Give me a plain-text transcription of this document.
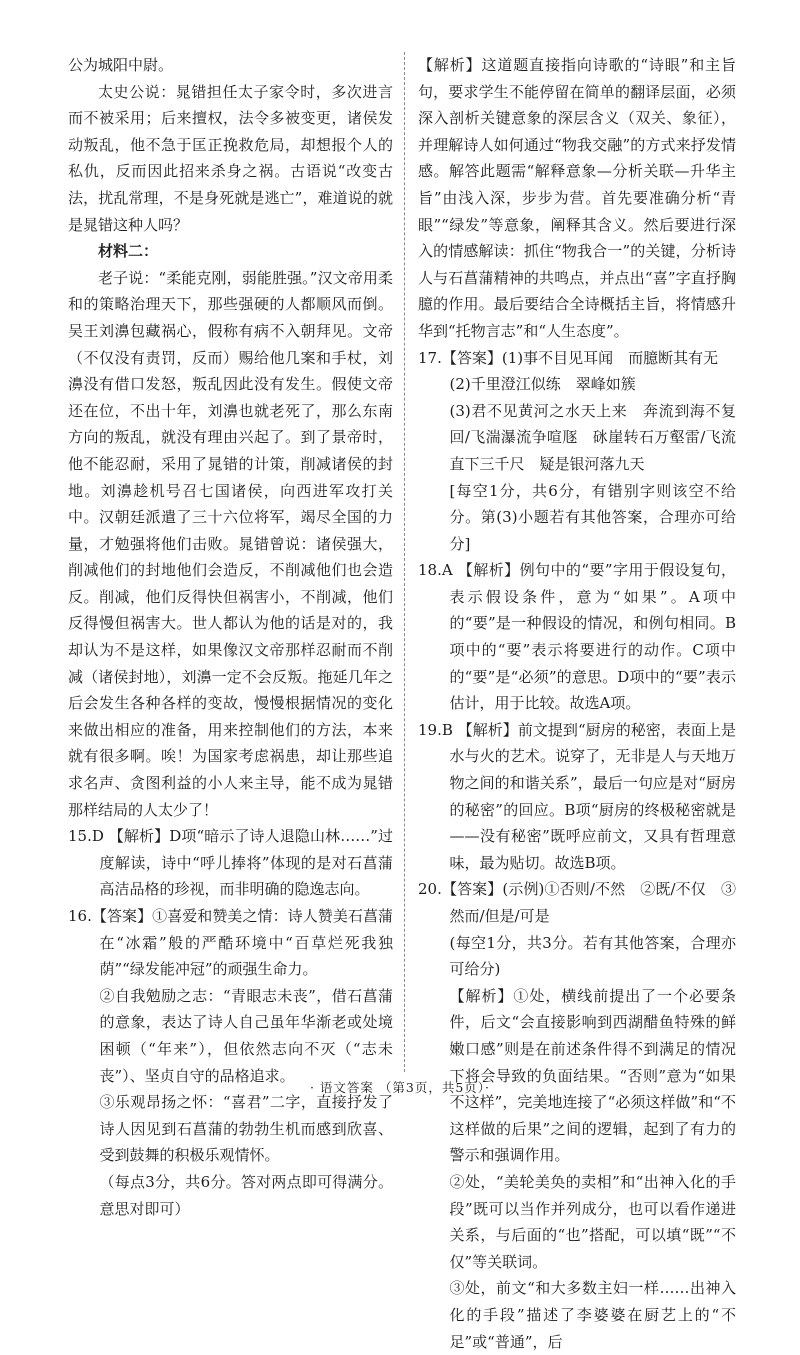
公为城阳中尉。

太史公说：晁错担任太子家令时，多次进言而不被采用；后来擅权，法令多被变更，诸侯发动叛乱，他不急于匡正挽救危局，却想报个人的私仇，反而因此招来杀身之祸。古语说“改变古法，扰乱常理，不是身死就是逃亡”，难道说的就是晁错这种人吗？

材料二：

老子说：“柔能克刚，弱能胜强。”汉文帝用柔和的策略治理天下，那些强硬的人都顺风而倒。吴王刘濞包藏祸心，假称有病不入朝拜见。文帝（不仅没有责罚，反而）赐给他几案和手杖，刘濞没有借口发怒，叛乱因此没有发生。假使文帝还在位，不出十年，刘濞也就老死了，那么东南方向的叛乱，就没有理由兴起了。到了景帝时，他不能忍耐，采用了晁错的计策，削减诸侯的封地。刘濞趁机号召七国诸侯，向西进军攻打关中。汉朝廷派遣了三十六位将军，竭尽全国的力量，才勉强将他们击败。晁错曾说：诸侯强大，削减他们的封地他们会造反，不削减他们也会造反。削减，他们反得快但祸害小，不削减，他们反得慢但祸害大。世人都认为他的话是对的，我却认为不是这样，如果像汉文帝那样忍耐而不削减（诸侯封地），刘濞一定不会反叛。拖延几年之后会发生各种各样的变故，慢慢根据情况的变化来做出相应的准备，用来控制他们的方法，本来就有很多啊。唉！为国家考虑祸患，却让那些追求名声、贪图利益的小人来主导，能不成为晁错那样结局的人太少了！

15.D 【解析】D项“暗示了诗人退隐山林……”过度解读，诗中“呼儿捧将”体现的是对石菖蒲高洁品格的珍视，而非明确的隐逸志向。

16.【答案】①喜爱和赞美之情：诗人赞美石菖蒲在“冰霜”般的严酷环境中“百草烂死我独荫”“绿发能冲冠”的顽强生命力。

②自我勉励之志：“青眼志未丧”，借石菖蒲的意象，表达了诗人自己虽年华渐老或处境困顿（“年来”），但依然志向不灭（“志未丧”）、坚贞自守的品格追求。

③乐观昂扬之怀：“喜君”二字，直接抒发了诗人因见到石菖蒲的勃勃生机而感到欣喜、受到鼓舞的积极乐观情怀。

（每点3分，共6分。答对两点即可得满分。意思对即可）

【解析】这道题直接指向诗歌的“诗眼”和主旨句，要求学生不能停留在简单的翻译层面，必须深入剖析关键意象的深层含义（双关、象征），并理解诗人如何通过“物我交融”的方式来抒发情感。解答此题需“解释意象—分析关联—升华主旨”由浅入深，步步为营。首先要准确分析“青眼”“绿发”等意象，阐释其含义。然后要进行深入的情感解读：抓住“物我合一”的关键，分析诗人与石菖蒲精神的共鸣点，并点出“喜”字直抒胸臆的作用。最后要结合全诗概括主旨，将情感升华到“托物言志”和“人生态度”。

17.【答案】(1)事不目见耳闻　而臆断其有无

(2)千里澄江似练　翠峰如簇

(3)君不见黄河之水天上来　奔流到海不复回/飞湍瀑流争喧豗　砯崖转石万壑雷/飞流直下三千尺　疑是银河落九天

[每空1分，共6分，有错别字则该空不给分。第(3)小题若有其他答案，合理亦可给分]

18.A 【解析】例句中的“要”字用于假设复句，表示假设条件，意为“如果”。A项中的“要”是一种假设的情况，和例句相同。B项中的“要”表示将要进行的动作。C项中的“要”是“必须”的意思。D项中的“要”表示估计，用于比较。故选A项。

19.B 【解析】前文提到“厨房的秘密，表面上是水与火的艺术。说穿了，无非是人与天地万物之间的和谐关系”，最后一句应是对“厨房的秘密”的回应。B项“厨房的终极秘密就是——没有秘密”既呼应前文，又具有哲理意味，最为贴切。故选B项。

20.【答案】(示例)①否则/不然　②既/不仅　③然而/但是/可是

(每空1分，共3分。若有其他答案，合理亦可给分)

【解析】①处，横线前提出了一个必要条件，后文“会直接影响到西湖醋鱼特殊的鲜嫩口感”则是在前述条件得不到满足的情况下将会导致的负面结果。“否则”意为“如果不这样”，完美地连接了“必须这样做”和“不这样做的后果”之间的逻辑，起到了有力的警示和强调作用。

②处，“美轮美奂的卖相”和“出神入化的手段”既可以当作并列成分，也可以看作递进关系，与后面的“也”搭配，可以填“既”“不仅”等关联词。

③处，前文“和大多数主妇一样……出神入化的手段”描述了李婆婆在厨艺上的“不足”或“普通”，后

· 语文答案 （第3页，共5页）·
